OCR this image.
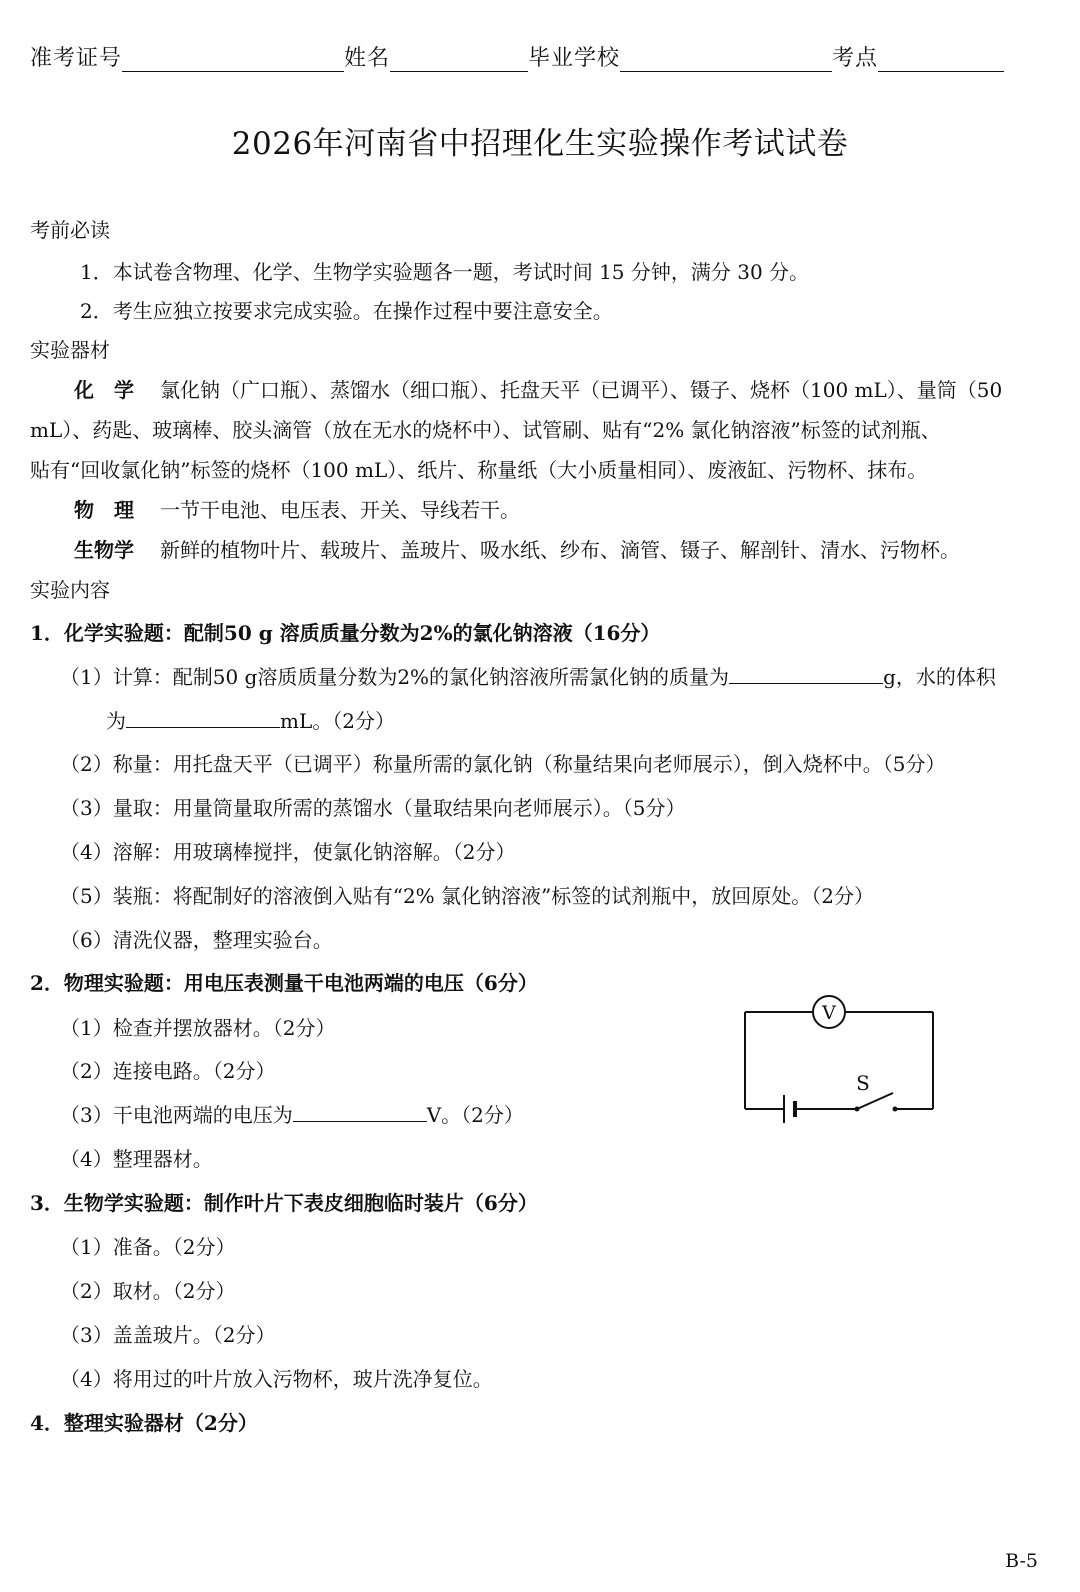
准考证号	姓名	毕业学校	考点
2026年河南省中招理化生实验操作考试试卷
考前必读
1．本试卷含物理、化学、生物学实验题各一题，考试时间 15 分钟，满分 30 分。
2．考生应独立按要求完成实验。在操作过程中要注意安全。
实验器材
化　学 氯化钠（广口瓶）、蒸馏水（细口瓶）、托盘天平（已调平）、镊子、烧杯（100 mL）、量筒（50
mL）、药匙、玻璃棒、胶头滴管（放在无水的烧杯中）、试管刷、贴有“2% 氯化钠溶液”标签的试剂瓶、
贴有“回收氯化钠”标签的烧杯（100 mL）、纸片、称量纸（大小质量相同）、废液缸、污物杯、抹布。
物　理 一节干电池、电压表、开关、导线若干。
生物学 新鲜的植物叶片、载玻片、盖玻片、吸水纸、纱布、滴管、镊子、解剖针、清水、污物杯。
实验内容
1．化学实验题：配制50 g 溶质质量分数为2%的氯化钠溶液（16分）
（1）计算：配制50 g溶质质量分数为2%的氯化钠溶液所需氯化钠的质量为	g，水的体积
为	mL。（2分）
（2）称量：用托盘天平（已调平）称量所需的氯化钠（称量结果向老师展示），倒入烧杯中。（5分）
（3）量取：用量筒量取所需的蒸馏水（量取结果向老师展示）。（5分）
（4）溶解：用玻璃棒搅拌，使氯化钠溶解。（2分）
（5）装瓶：将配制好的溶液倒入贴有“2% 氯化钠溶液”标签的试剂瓶中，放回原处。（2分）
（6）清洗仪器，整理实验台。
2．物理实验题：用电压表测量干电池两端的电压（6分）
（1）检查并摆放器材。（2分）
（2）连接电路。（2分）
（3）干电池两端的电压为	V。（2分）
（4）整理器材。
V
S
3．生物学实验题：制作叶片下表皮细胞临时装片（6分）
（1）准备。（2分）
（2）取材。（2分）
（3）盖盖玻片。（2分）
（4）将用过的叶片放入污物杯，玻片洗净复位。
4．整理实验器材（2分）
B-5
